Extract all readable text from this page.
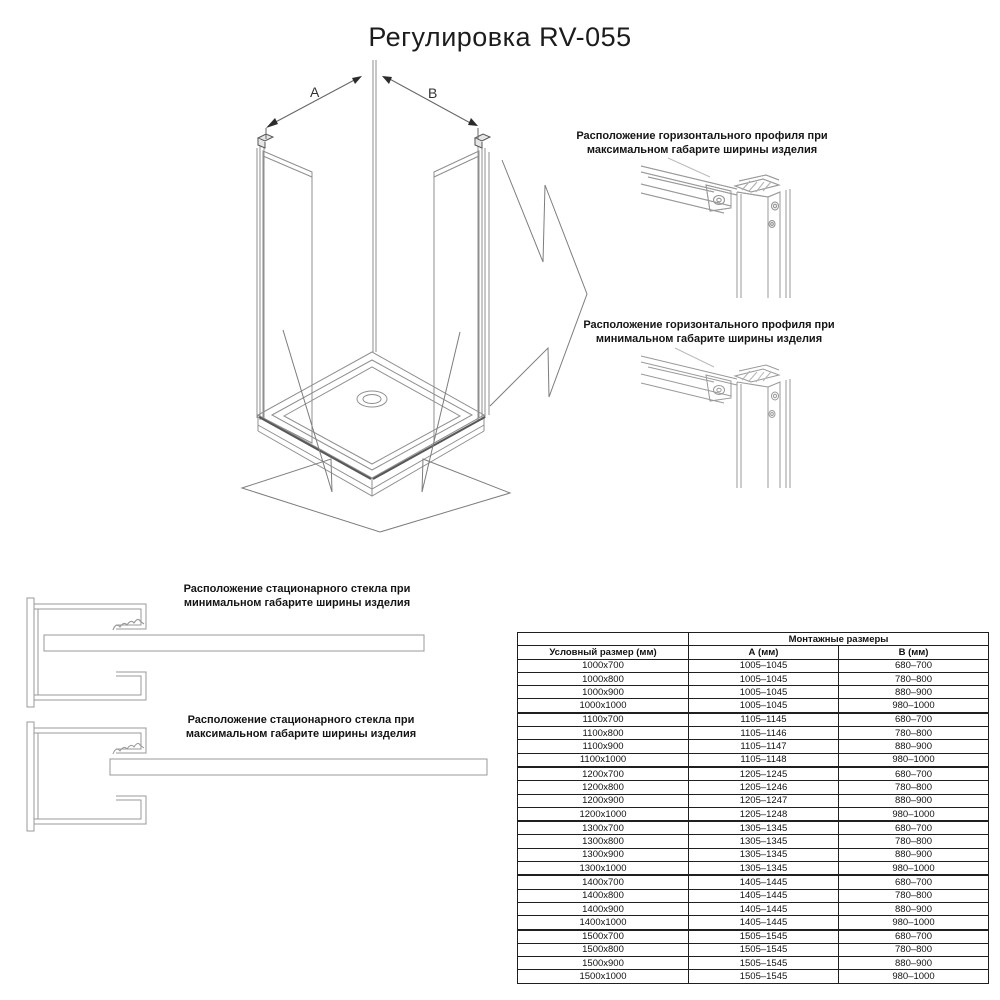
Регулировка RV-055
A	B
Расположение горизонтального профиля при
максимальном габарите ширины изделия
Расположение горизонтального профиля при
минимальном габарите ширины изделия
Расположение стационарного стекла при
минимальном габарите ширины изделия
Расположение стационарного стекла при
максимальном габарите ширины изделия
	Монтажные размеры	
Условный размер (мм)	А (мм)	В (мм)
1000x700	1005–1045	680–700
1000x800	1005–1045	780–800
1000x900	1005–1045	880–900
1000x1000	1005–1045	980–1000
1100x700	1105–1145	680–700
1100x800	1105–1146	780–800
1100x900	1105–1147	880–900
1100x1000	1105–1148	980–1000
1200x700	1205–1245	680–700
1200x800	1205–1246	780–800
1200x900	1205–1247	880–900
1200x1000	1205–1248	980–1000
1300x700	1305–1345	680–700
1300x800	1305–1345	780–800
1300x900	1305–1345	880–900
1300x1000	1305–1345	980–1000
1400x700	1405–1445	680–700
1400x800	1405–1445	780–800
1400x900	1405–1445	880–900
1400x1000	1405–1445	980–1000
1500x700	1505–1545	680–700
1500x800	1505–1545	780–800
1500x900	1505–1545	880–900
1500x1000	1505–1545	980–1000
